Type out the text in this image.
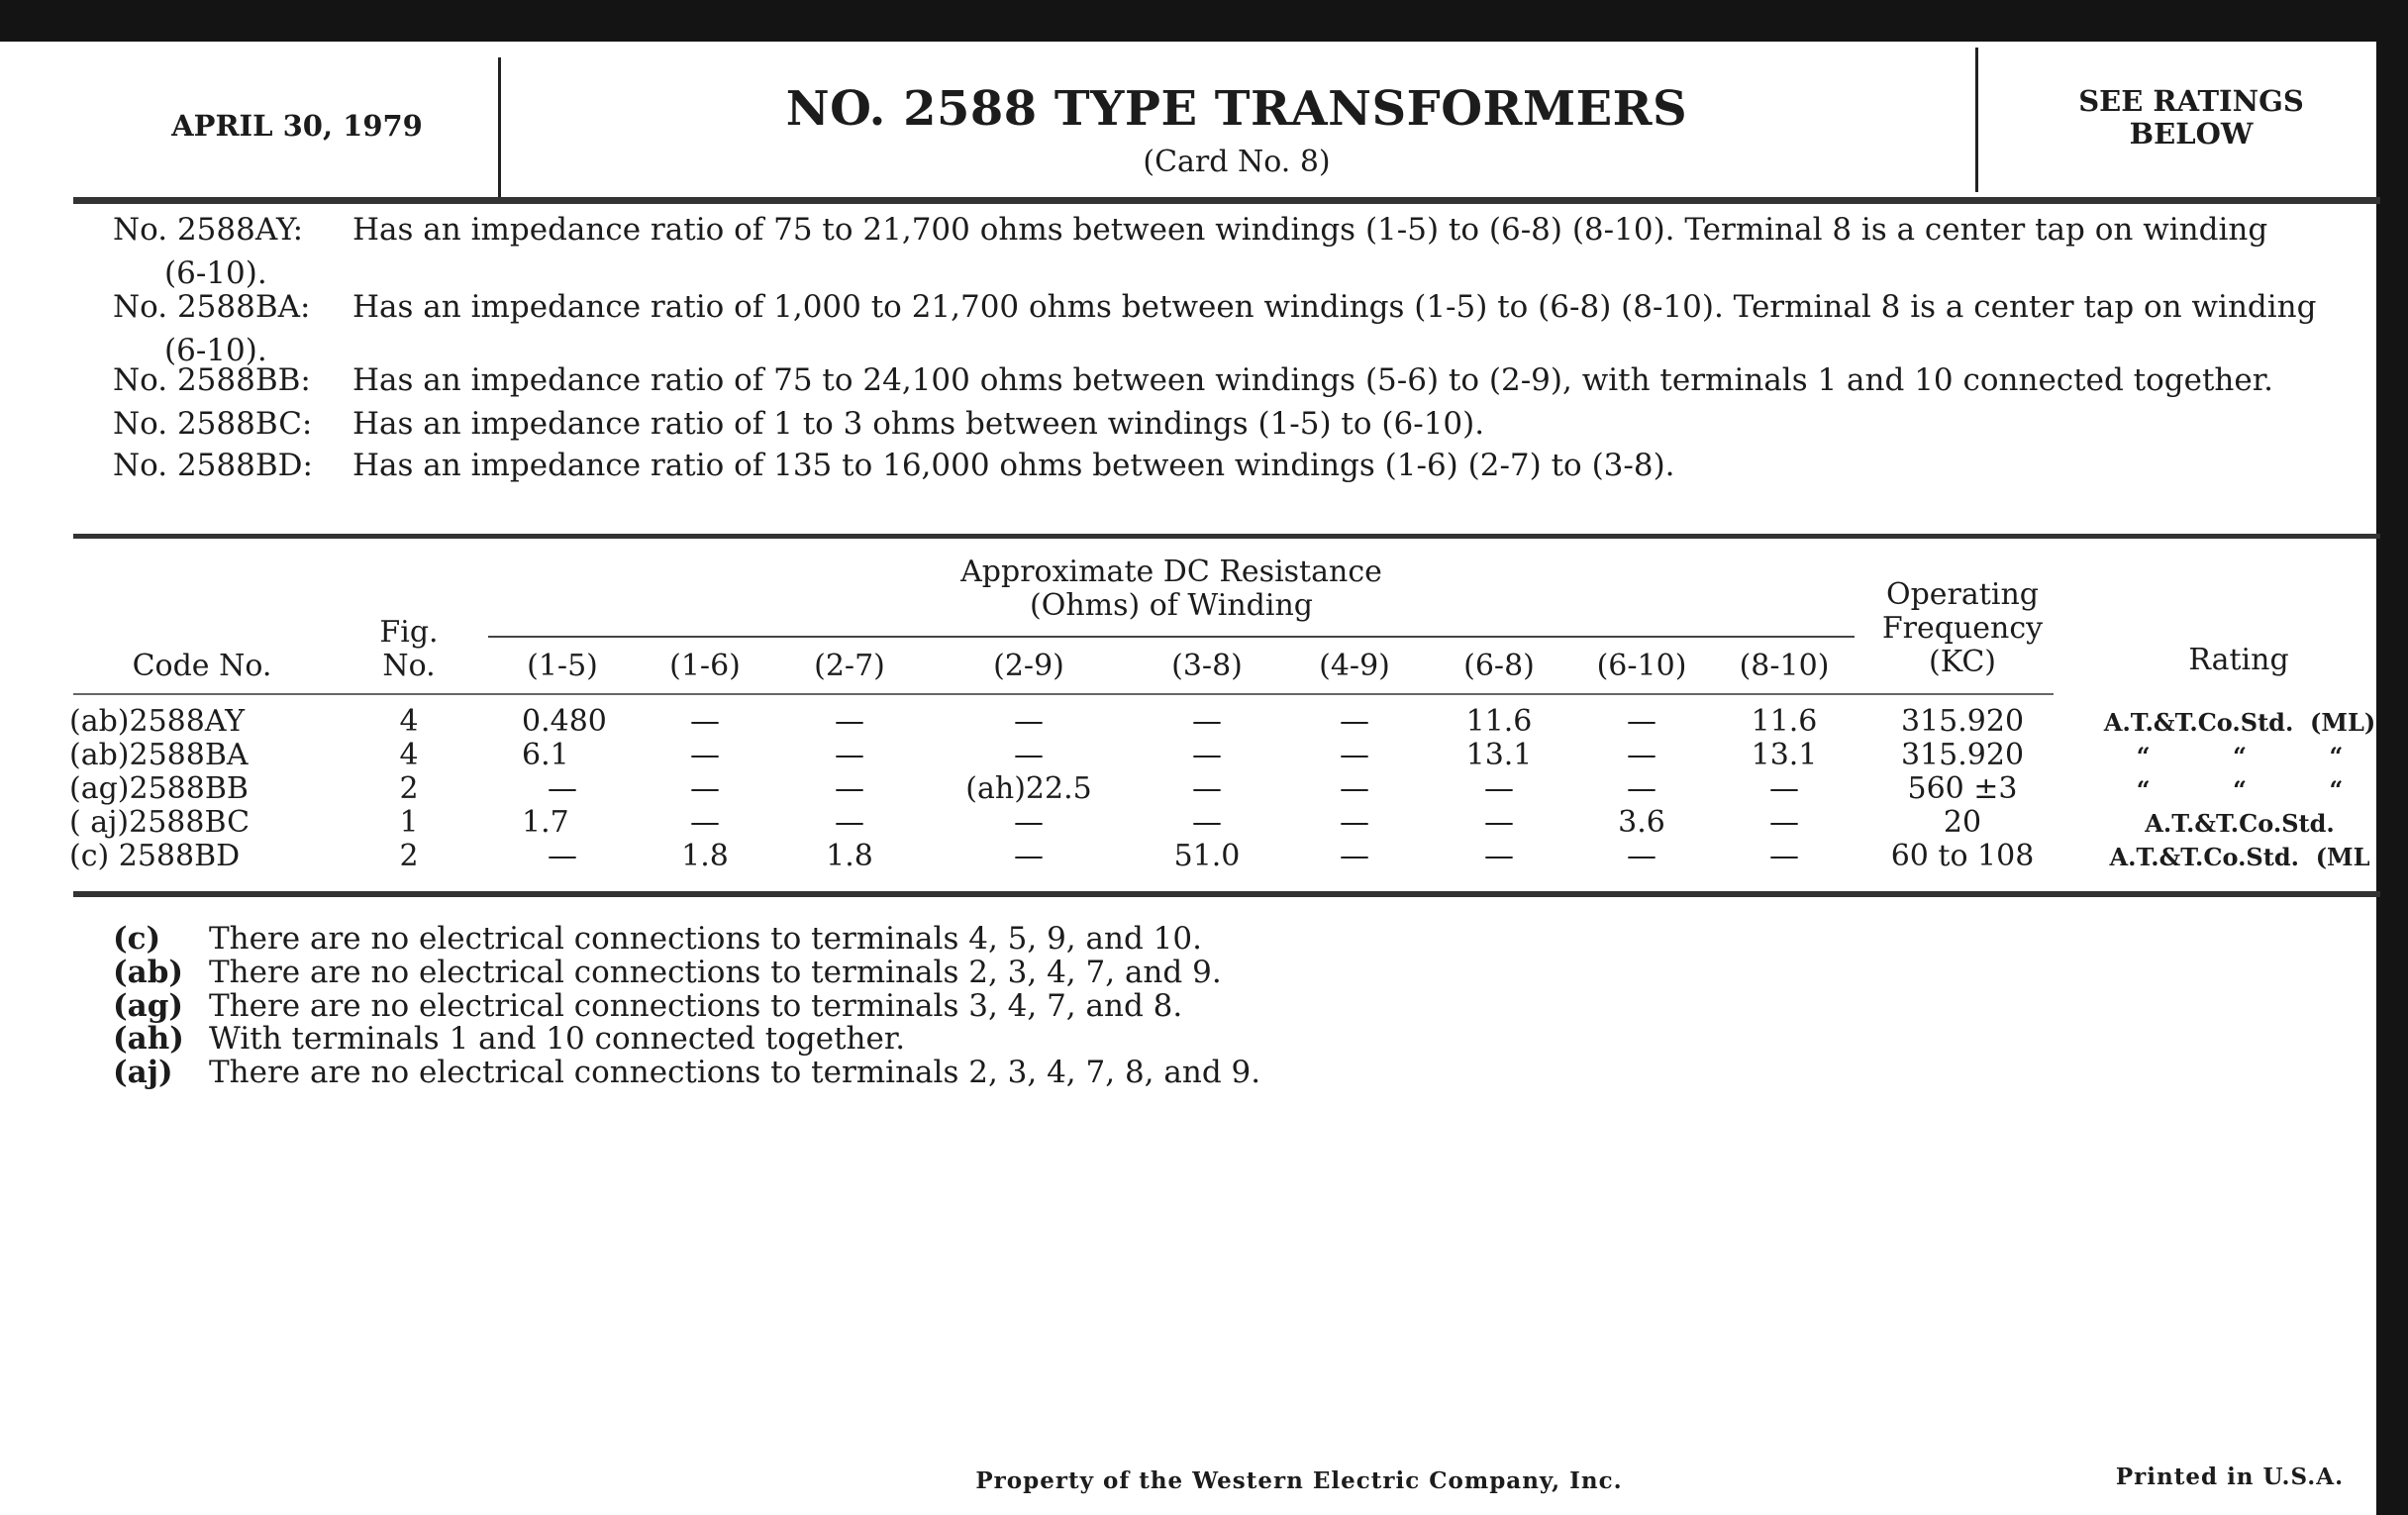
APRIL 30, 1979	NO. 2588 TYPE TRANSFORMERS
(Card No. 8)
SEE RATINGS
BELOW
No. 2588AY: Has an impedance ratio of 75 to 21,700 ohms between windings (1-5) to (6-8) (8-10). Terminal 8 is a center tap on winding
(6-10).
No. 2588BA: Has an impedance ratio of 1,000 to 21,700 ohms between windings (1-5) to (6-8) (8-10). Terminal 8 is a center tap on winding
(6-10).
No. 2588BB: Has an impedance ratio of 75 to 24,100 ohms between windings (5-6) to (2-9), with terminals 1 and 10 connected together.
No. 2588BC: Has an impedance ratio of 1 to 3 ohms between windings (1-5) to (6-10).
No. 2588BD: Has an impedance ratio of 135 to 16,000 ohms between windings (1-6) (2-7) to (3-8).
Approximate DC Resistance
(Ohms) of Winding
Code No.
Fig.
No.
Operating
Frequency
(KC)	Rating
(1-5) (1-6) (2-7)	(2-9)	(3-8)	(4-9) (6-8) (6-10) (8-10)
(ab)2588AY	4	0.480	—	—	—	—	—	11.6	—	11.6	315.920	A.T.&T.Co.Std.  (ML)
(ab)2588BA	4	6.1	—	—	—	—	—	13.1	—	13.1	315.920	“          “          “
(ag)2588BB	2	—	—	—	(ah)22.5	—	—	—	—	—	560 ±3	“          “          “
( aj)2588BC	1	1.7	—	—	—	—	—	—	3.6	—	20	A.T.&T.Co.Std.
(c) 2588BD	2	—	1.8	1.8	—	51.0	—	—	—	—	60 to 108	A.T.&T.Co.Std.  (ML
(c) There are no electrical connections to terminals 4, 5, 9, and 10.
(ab) There are no electrical connections to terminals 2, 3, 4, 7, and 9.
(ag) There are no electrical connections to terminals 3, 4, 7, and 8.
(ah) With terminals 1 and 10 connected together.
(aj) There are no electrical connections to terminals 2, 3, 4, 7, 8, and 9.
Property of the Western Electric Company, Inc.	Printed in U.S.A.
